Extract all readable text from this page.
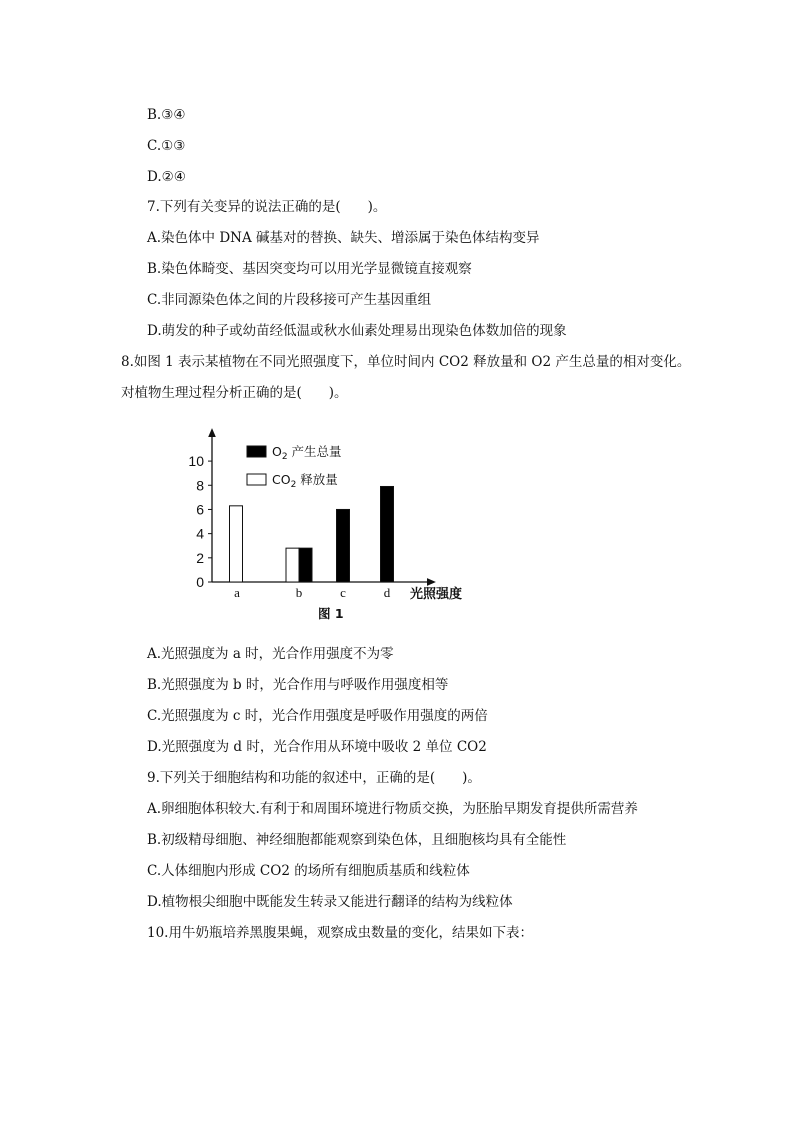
B.③④
C.①③
D.②④
7.下列有关变异的说法正确的是(　　)。
A.染色体中 DNA 碱基对的替换、缺失、增添属于染色体结构变异
B.染色体畸变、基因突变均可以用光学显微镜直接观察
C.非同源染色体之间的片段移接可产生基因重组
D.萌发的种子或幼苗经低温或秋水仙素处理易出现染色体数加倍的现象
8.如图 1 表示某植物在不同光照强度下，单位时间内 CO2 释放量和 O2 产生总量的相对变化。
对植物生理过程分析正确的是(　　)。
0
2
4
6
8
10
a	b	c	d
$O_2$ 产生总量
$CO_2$ 释放量
光照强度
图 1
A.光照强度为 a 时，光合作用强度不为零
B.光照强度为 b 时，光合作用与呼吸作用强度相等
C.光照强度为 c 时，光合作用强度是呼吸作用强度的两倍
D.光照强度为 d 时，光合作用从环境中吸收 2 单位 CO2
9.下列关于细胞结构和功能的叙述中，正确的是(　　)。
A.卵细胞体积较大.有利于和周围环境进行物质交换，为胚胎早期发育提供所需营养
B.初级精母细胞、神经细胞都能观察到染色体，且细胞核均具有全能性
C.人体细胞内形成 CO2 的场所有细胞质基质和线粒体
D.植物根尖细胞中既能发生转录又能进行翻译的结构为线粒体
10.用牛奶瓶培养黑腹果蝇，观察成虫数量的变化，结果如下表：
